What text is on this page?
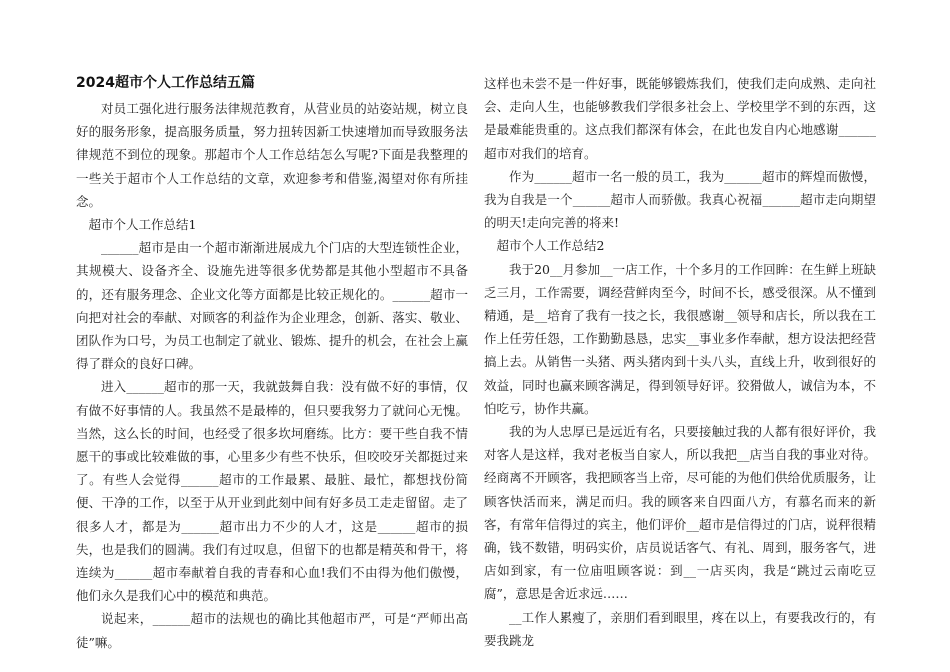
2024超市个人工作总结五篇

对员工强化进行服务法律规范教育，从营业员的站姿站规，树立良好的服务形象，提高服务质量，努力扭转因新工快速增加而导致服务法律规范不到位的现象。那超市个人工作总结怎么写呢?下面是我整理的一些关于超市个人工作总结的文章，欢迎参考和借鉴,渴望对你有所挂念。

超市个人工作总结1

______超市是由一个超市渐渐进展成九个门店的大型连锁性企业，其规模大、设备齐全、设施先进等很多优势都是其他小型超市不具备的，还有服务理念、企业文化等方面都是比较正规化的。______超市一向把对社会的奉献、对顾客的利益作为企业理念，创新、落实、敬业、团队作为口号，为员工也制定了就业、锻炼、提升的机会，在社会上赢得了群众的良好口碑。

进入______超市的那一天，我就鼓舞自我：没有做不好的事情，仅有做不好事情的人。我虽然不是最棒的，但只要我努力了就问心无愧。当然，这么长的时间，也经受了很多坎坷磨练。比方：要干些自我不情愿干的事或比较难做的事，心里多少有些不快乐，但咬咬牙关都挺过来了。有些人会觉得______超市的工作最累、最脏、最忙，都想找份简便、干净的工作，以至于从开业到此刻中间有好多员工走走留留。走了很多人才，都是为______超市出力不少的人才，这是______超市的损失，也是我们的圆满。我们有过叹息，但留下的也都是精英和骨干，将连续为______超市奉献着自我的青春和心血!我们不由得为他们傲慢，他们永久是我们心中的模范和典范。

说起来，______超市的法规也的确比其他超市严，可是“严师出高徒”嘛。

这样也未尝不是一件好事，既能够锻炼我们，使我们走向成熟、走向社会、走向人生，也能够教我们学很多社会上、学校里学不到的东西，这是最难能贵重的。这点我们都深有体会，在此也发自内心地感谢______超市对我们的培育。

作为______超市一名一般的员工，我为______超市的辉煌而傲慢，我为自我是一个______超市人而骄傲。我真心祝福______超市走向期望的明天!走向完善的将来!

超市个人工作总结2

我于20__月参加__一店工作，十个多月的工作回眸：在生鲜上班缺乏三月，工作需要，调经营鲜肉至今，时间不长，感受很深。从不懂到精通，是__培育了我有一技之长，我很感谢__领导和店长，所以我在工作上任劳任怨，工作勤勤恳恳，忠实__事业多作奉献，想方设法把经营搞上去。从销售一头猪、两头猪肉到十头八头，直线上升，收到很好的效益，同时也赢来顾客满足，得到领导好评。狡猾做人，诚信为本，不怕吃亏，协作共赢。

我的为人忠厚已是远近有名，只要接触过我的人都有很好评价，我对客人是这样，我对老板当自家人，所以我把__店当自我的事业对待。经商离不开顾客，我把顾客当上帝，尽可能的为他们供给优质服务，让顾客快活而来，满足而归。我的顾客来自四面八方，有慕名而来的新客，有常年信得过的宾主，他们评价__超市是信得过的门店，说秤很精确，钱不数错，明码实价，店员说话客气、有礼、周到，服务客气，进店如到家，有一位庙咀顾客说：到__一店买肉，我是“跳过云南吃豆腐”，意思是舍近求远……

__工作人累瘦了，亲朋们看到眼里，疼在以上，有要我改行的，有要我跳龙
